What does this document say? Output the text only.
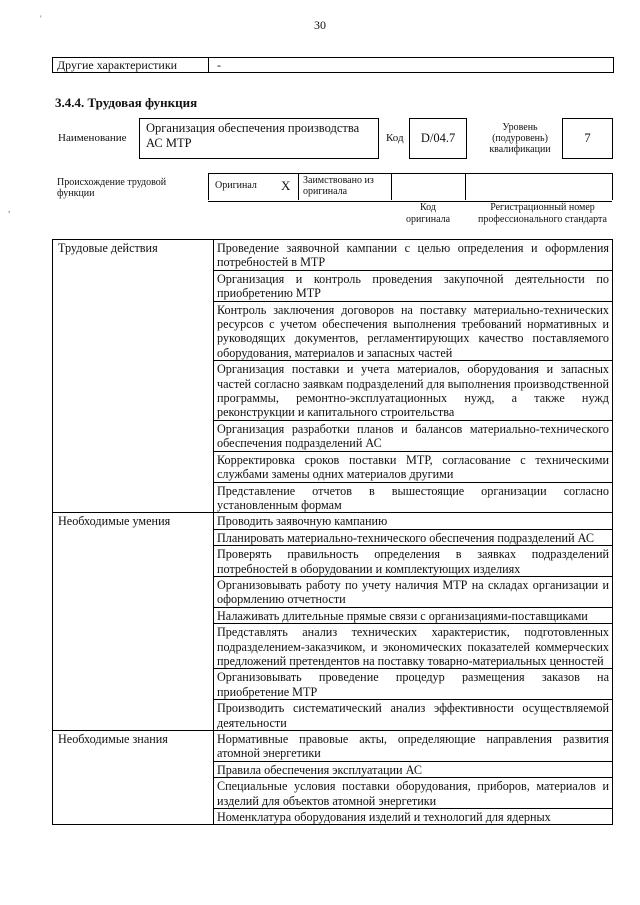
30
'
Другие характеристики	-
3.4.4. Трудовая функция
Наименование
Организация обеспечения производства АС МТР	Код	D/04.7
Уровень (подуровень) квалификации
7
Происхождение трудовой функции
Оригинал X Заимствовано из оригинала
Код оригинала
Регистрационный номер профессионального стандарта
,
Трудовые действия	Проведение заявочной кампании с целью определения и оформления потребностей в МТР
	Организация и контроль проведения закупочной деятельности по приобретению МТР
	Контроль заключения договоров на поставку материально-технических ресурсов с учетом обеспечения выполнения требований нормативных и руководящих документов, регламентирующих качество поставляемого оборудования, материалов и запасных частей
	Организация поставки и учета материалов, оборудования и запасных частей согласно заявкам подразделений для выполнения производственной программы, ремонтно-эксплуатационных нужд, а также нужд реконструкции и капитального строительства
	Организация разработки планов и балансов материально-технического обеспечения подразделений АС
	Корректировка сроков поставки МТР, согласование с техническими службами замены одних материалов другими
	Представление отчетов в вышестоящие организации согласно установленным формам
Необходимые умения	Проводить заявочную кампанию
	Планировать материально-технического обеспечения подразделений АС
	Проверять правильность определения в заявках подразделений потребностей в оборудовании и комплектующих изделиях
	Организовывать работу по учету наличия МТР на складах организации и оформлению отчетности
	Налаживать длительные прямые связи с организациями-поставщиками
	Представлять анализ технических характеристик, подготовленных подразделением-заказчиком, и экономических показателей коммерческих предложений претендентов на поставку товарно-материальных ценностей
	Организовывать проведение процедур размещения заказов на приобретение МТР
	Производить систематический анализ эффективности осуществляемой деятельности
Необходимые знания	Нормативные правовые акты, определяющие направления развития атомной энергетики
	Правила обеспечения эксплуатации АС
	Специальные условия поставки оборудования, приборов, материалов и изделий для объектов атомной энергетики
	Номенклатура оборудования изделий и технологий для ядерных
